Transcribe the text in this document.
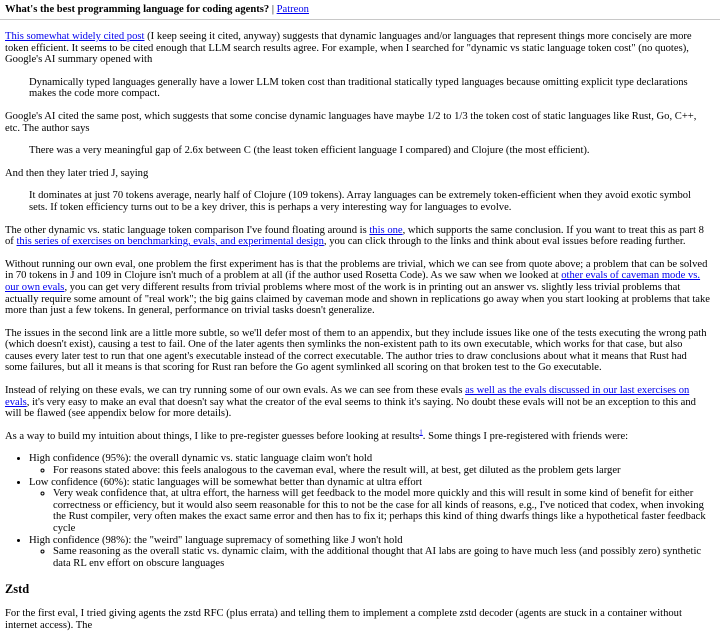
What's the best programming language for coding agents? | Patreon

This somewhat widely cited post (I keep seeing it cited, anyway) suggests that dynamic languages and/or languages that represent things more concisely are more token efficient. It seems to be cited enough that LLM search results agree. For example, when I searched for "dynamic vs static language token cost" (no quotes), Google's AI summary opened with

Dynamically typed languages generally have a lower LLM token cost than traditional statically typed languages because omitting explicit type declarations makes the code more compact.

Google's AI cited the same post, which suggests that some concise dynamic languages have maybe 1/2 to 1/3 the token cost of static languages like Rust, Go, C++, etc. The author says

There was a very meaningful gap of 2.6x between C (the least token efficient language I compared) and Clojure (the most efficient).

And then they later tried J, saying

It dominates at just 70 tokens average, nearly half of Clojure (109 tokens). Array languages can be extremely token-efficient when they avoid exotic symbol sets. If token efficiency turns out to be a key driver, this is perhaps a very interesting way for languages to evolve.

The other dynamic vs. static language token comparison I've found floating around is this one, which supports the same conclusion. If you want to treat this as part 8 of this series of exercises on benchmarking, evals, and experimental design, you can click through to the links and think about eval issues before reading further.

Without running our own eval, one problem the first experiment has is that the problems are trivial, which we can see from quote above; a problem that can be solved in 70 tokens in J and 109 in Clojure isn't much of a problem at all (if the author used Rosetta Code). As we saw when we looked at other evals of caveman mode vs. our own evals, you can get very different results from trivial problems where most of the work is in printing out an answer vs. slightly less trivial problems that actually require some amount of "real work"; the big gains claimed by caveman mode and shown in replications go away when you start looking at problems that take more than just a few tokens. In general, performance on trivial tasks doesn't generalize.

The issues in the second link are a little more subtle, so we'll defer most of them to an appendix, but they include issues like one of the tests executing the wrong path (which doesn't exist), causing a test to fail. One of the later agents then symlinks the non-existent path to its own executable, which works for that case, but also causes every later test to run that one agent's executable instead of the correct executable. The author tries to draw conclusions about what it means that Rust had some failures, but all it means is that scoring for Rust ran before the Go agent symlinked all scoring on that broken test to the Go executable.

Instead of relying on these evals, we can try running some of our own evals. As we can see from these evals as well as the evals discussed in our last exercises on evals, it's very easy to make an eval that doesn't say what the creator of the eval seems to think it's saying. No doubt these evals will not be an exception to this and will be flawed (see appendix below for more details).

As a way to build my intuition about things, I like to pre-register guesses before looking at results$^1$. Some things I pre-registered with friends were:

• High confidence (95%): the overall dynamic vs. static language claim won't hold
◦ For reasons stated above: this feels analogous to the caveman eval, where the result will, at best, get diluted as the problem gets larger
• Low confidence (60%): static languages will be somewhat better than dynamic at ultra effort
◦ Very weak confidence that, at ultra effort, the harness will get feedback to the model more quickly and this will result in some kind of benefit for either correctness or efficiency, but it would also seem reasonable for this to not be the case for all kinds of reasons, e.g., I've noticed that codex, when invoking the Rust compiler, very often makes the exact same error and then has to fix it; perhaps this kind of thing dwarfs things like a hypothetical faster feedback cycle
• High confidence (98%): the "weird" language supremacy of something like J won't hold
◦ Same reasoning as the overall static vs. dynamic claim, with the additional thought that AI labs are going to have much less (and possibly zero) synthetic data RL env effort on obscure languages
Zstd

For the first eval, I tried giving agents the zstd RFC (plus errata) and telling them to implement a complete zstd decoder (agents are stuck in a container without internet access). The
